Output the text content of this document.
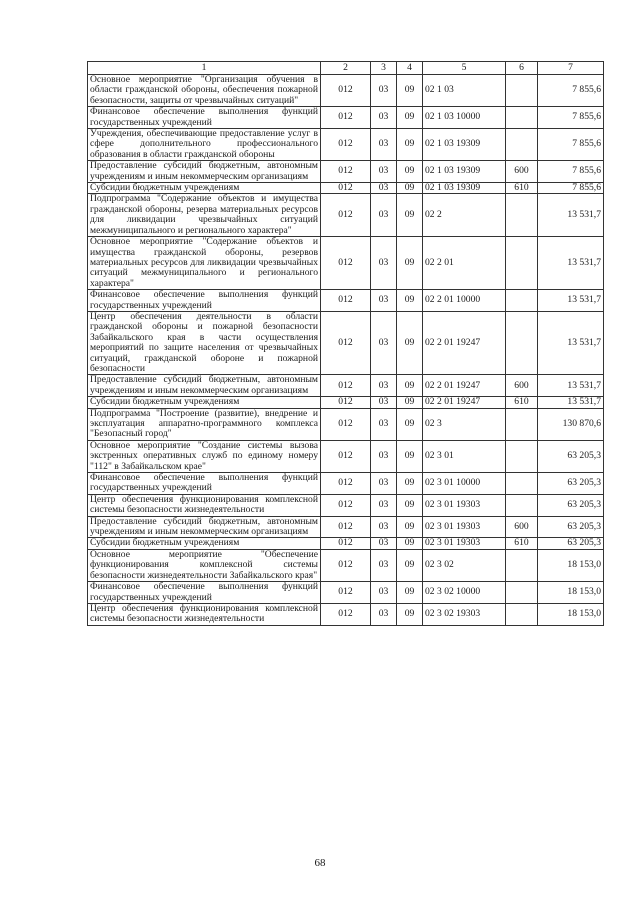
1	2	3	4	5	6	7
Основное мероприятие "Организация обучения в области гражданской обороны, обеспечения пожарной безопасности, защиты от чрезвычайных ситуаций"	012	03	09	02 1 03		7 855,6
Финансовое обеспечение выполнения функций государственных учреждений	012	03	09	02 1 03 10000		7 855,6
Учреждения, обеспечивающие предоставление услуг в сфере дополнительного профессионального образования в области гражданской обороны	012	03	09	02 1 03 19309		7 855,6
Предоставление субсидий бюджетным, автономным учреждениям и иным некоммерческим организациям	012	03	09	02 1 03 19309	600	7 855,6
Субсидии бюджетным учреждениям	012	03	09	02 1 03 19309	610	7 855,6
Подпрограмма "Содержание объектов и имущества гражданской обороны, резерва материальных ресурсов для ликвидации чрезвычайных ситуаций межмуниципального и регионального характера"	012	03	09	02 2		13 531,7
Основное мероприятие "Содержание объектов и имущества гражданской обороны, резервов материальных ресурсов для ликвидации чрезвычайных ситуаций межмуниципального и регионального характера"	012	03	09	02 2 01		13 531,7
Финансовое обеспечение выполнения функций государственных учреждений	012	03	09	02 2 01 10000		13 531,7
Центр обеспечения деятельности в области гражданской обороны и пожарной безопасности Забайкальского края в части осуществления мероприятий по защите населения от чрезвычайных ситуаций, гражданской обороне и пожарной безопасности	012	03	09	02 2 01 19247		13 531,7
Предоставление субсидий бюджетным, автономным учреждениям и иным некоммерческим организациям	012	03	09	02 2 01 19247	600	13 531,7
Субсидии бюджетным учреждениям	012	03	09	02 2 01 19247	610	13 531,7
Подпрограмма "Построение (развитие), внедрение и эксплуатация аппаратно-программного комплекса "Безопасный город"	012	03	09	02 3		130 870,6
Основное мероприятие "Создание системы вызова экстренных оперативных служб по единому номеру "112" в Забайкальском крае"	012	03	09	02 3 01		63 205,3
Финансовое обеспечение выполнения функций государственных учреждений	012	03	09	02 3 01 10000		63 205,3
Центр обеспечения функционирования комплексной системы безопасности жизнедеятельности	012	03	09	02 3 01 19303		63 205,3
Предоставление субсидий бюджетным, автономным учреждениям и иным некоммерческим организациям	012	03	09	02 3 01 19303	600	63 205,3
Субсидии бюджетным учреждениям	012	03	09	02 3 01 19303	610	63 205,3
Основное мероприятие "Обеспечение функционирования комплексной системы безопасности жизнедеятельности Забайкальского края"	012	03	09	02 3 02		18 153,0
Финансовое обеспечение выполнения функций государственных учреждений	012	03	09	02 3 02 10000		18 153,0
Центр обеспечения функционирования комплексной системы безопасности жизнедеятельности	012	03	09	02 3 02 19303		18 153,0
68
